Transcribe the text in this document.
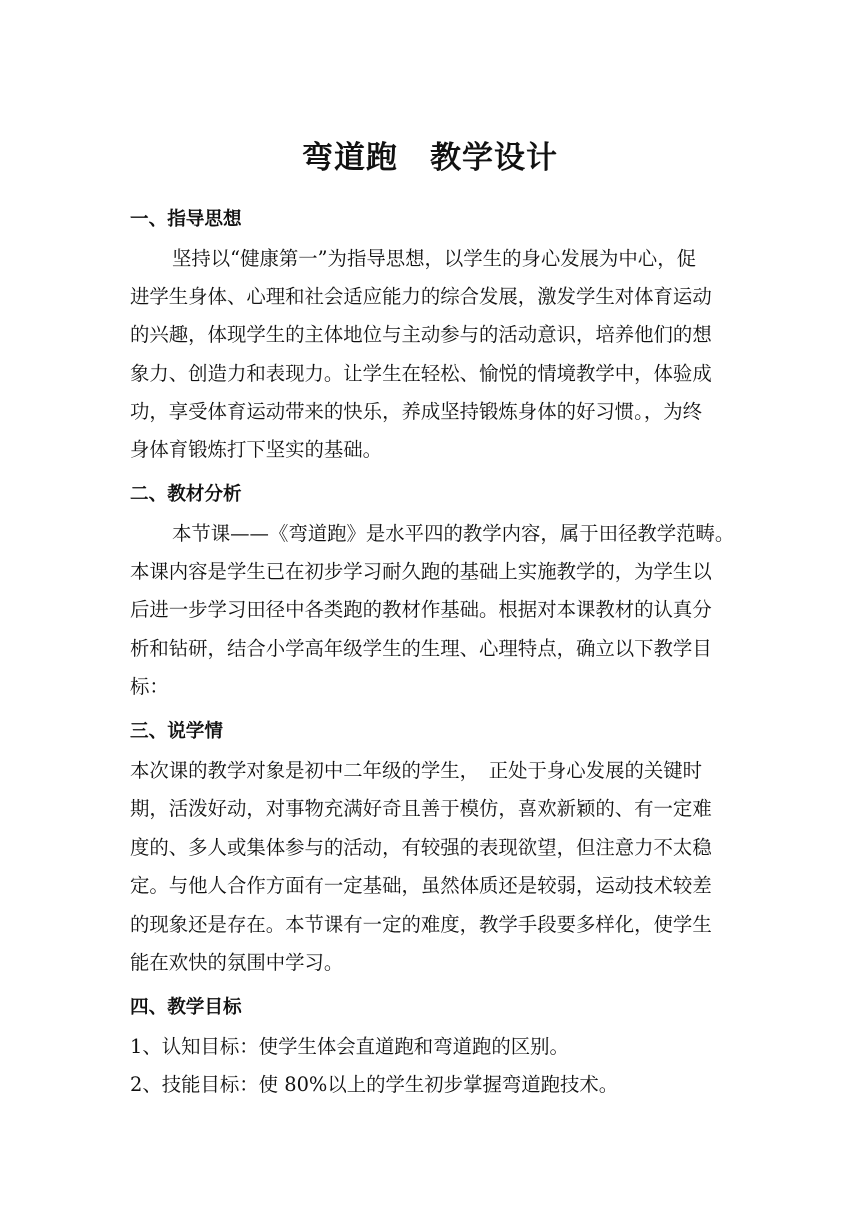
弯道跑　教学设计
一、指导思想
坚持以“健康第一”为指导思想，以学生的身心发展为中心，促
进学生身体、心理和社会适应能力的综合发展，激发学生对体育运动
的兴趣，体现学生的主体地位与主动参与的活动意识，培养他们的想
象力、创造力和表现力。让学生在轻松、愉悦的情境教学中，体验成
功，享受体育运动带来的快乐，养成坚持锻炼身体的好习惯。，为终
身体育锻炼打下坚实的基础。
二、教材分析
本节课——《弯道跑》是水平四的教学内容，属于田径教学范畴。
本课内容是学生已在初步学习耐久跑的基础上实施教学的，为学生以
后进一步学习田径中各类跑的教材作基础。根据对本课教材的认真分
析和钻研，结合小学高年级学生的生理、心理特点，确立以下教学目
标：
三、说学情
本次课的教学对象是初中二年级的学生，　正处于身心发展的关键时
期，活泼好动，对事物充满好奇且善于模仿，喜欢新颖的、有一定难
度的、多人或集体参与的活动，有较强的表现欲望，但注意力不太稳
定。与他人合作方面有一定基础，虽然体质还是较弱，运动技术较差
的现象还是存在。本节课有一定的难度，教学手段要多样化，使学生
能在欢快的氛围中学习。
四、教学目标
1、认知目标：使学生体会直道跑和弯道跑的区别。
2、技能目标：使 80%以上的学生初步掌握弯道跑技术。
